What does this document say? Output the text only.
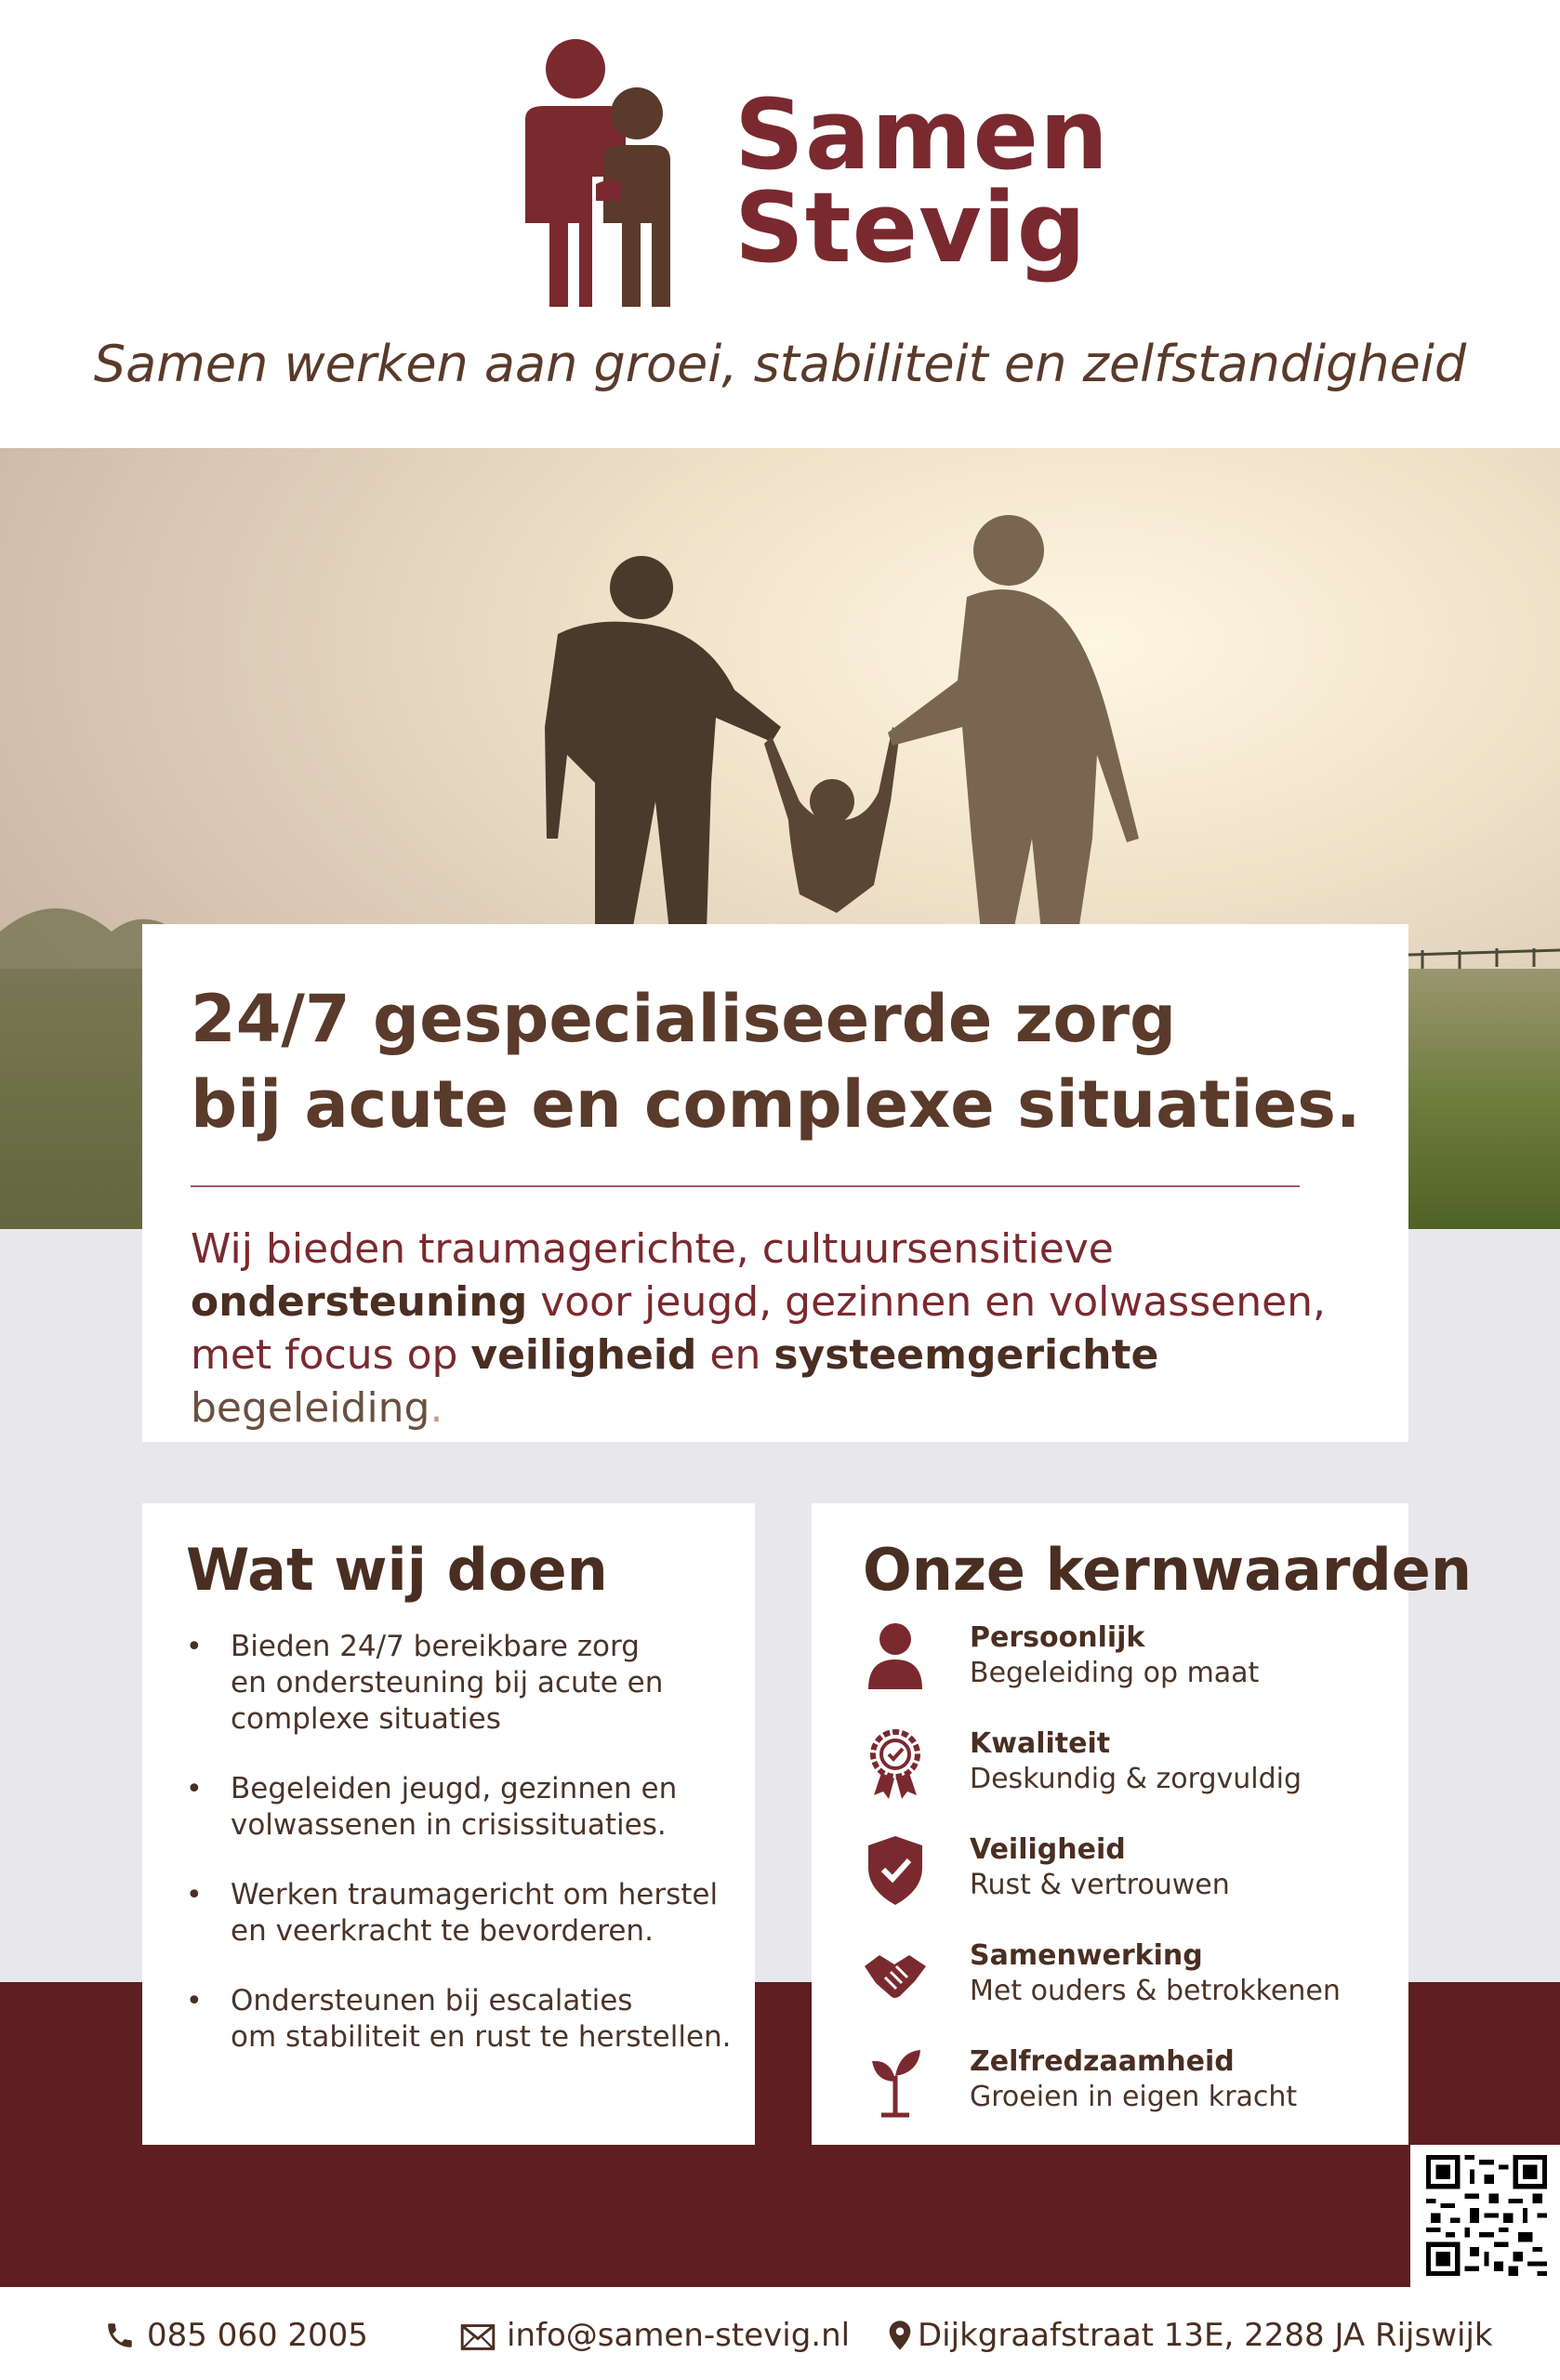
Samen
Stevig
Samen werken aan groei, stabiliteit en zelfstandigheid
24/7 gespecialiseerde zorg
bij acute en complexe situaties.
Wij bieden traumagerichte, cultuursensitieve
ondersteuning voor jeugd, gezinnen en volwassenen,
met focus op veiligheid en systeemgerichte begeleiding.
Wat wij doen
• Bieden 24/7 bereikbare zorg
en ondersteuning bij acute en
complexe situaties
• Begeleiden jeugd, gezinnen en
volwassenen in crisissituaties.
• Werken traumagericht om herstel
en veerkracht te bevorderen.
• Ondersteunen bij escalaties
om stabiliteit en rust te herstellen.
Onze kernwaarden
Persoonlijk
Begeleiding op maat
Kwaliteit
Deskundig & zorgvuldig
Veiligheid
Rust & vertrouwen
Samenwerking
Met ouders & betrokkenen
Zelfredzaamheid
Groeien in eigen kracht
085 060 2005	info@samen-stevig.nl	Dijkgraafstraat 13E, 2288 JA Rijswijk
